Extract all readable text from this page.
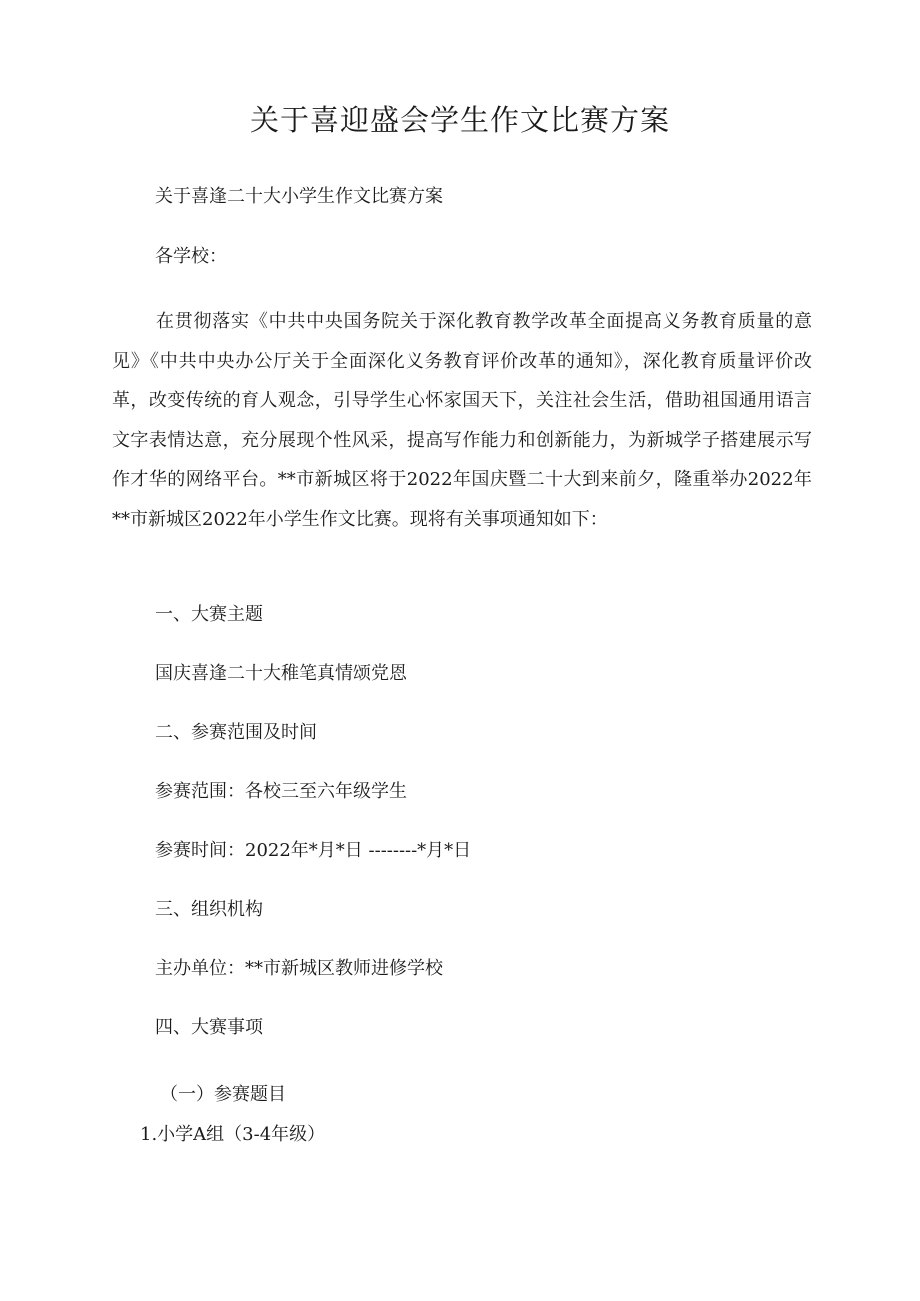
关于喜迎盛会学生作文比赛方案
关于喜逢二十大小学生作文比赛方案
各学校：
在贯彻落实《中共中央国务院关于深化教育教学改革全面提高义务教育质量的意见》《中共中央办公厅关于全面深化义务教育评价改革的通知》，深化教育质量评价改革，改变传统的育人观念，引导学生心怀家国天下，关注社会生活，借助祖国通用语言文字表情达意，充分展现个性风采，提高写作能力和创新能力，为新城学子搭建展示写作才华的网络平台。**市新城区将于2022年国庆暨二十大到来前夕，隆重举办2022年**市新城区2022年小学生作文比赛。现将有关事项通知如下：
一、大赛主题
国庆喜逢二十大稚笔真情颂党恩
二、参赛范围及时间
参赛范围：各校三至六年级学生
参赛时间：2022年*月*日 --------*月*日
三、组织机构
主办单位：**市新城区教师进修学校
四、大赛事项
（一）参赛题目
1.小学A组（3-4年级）
